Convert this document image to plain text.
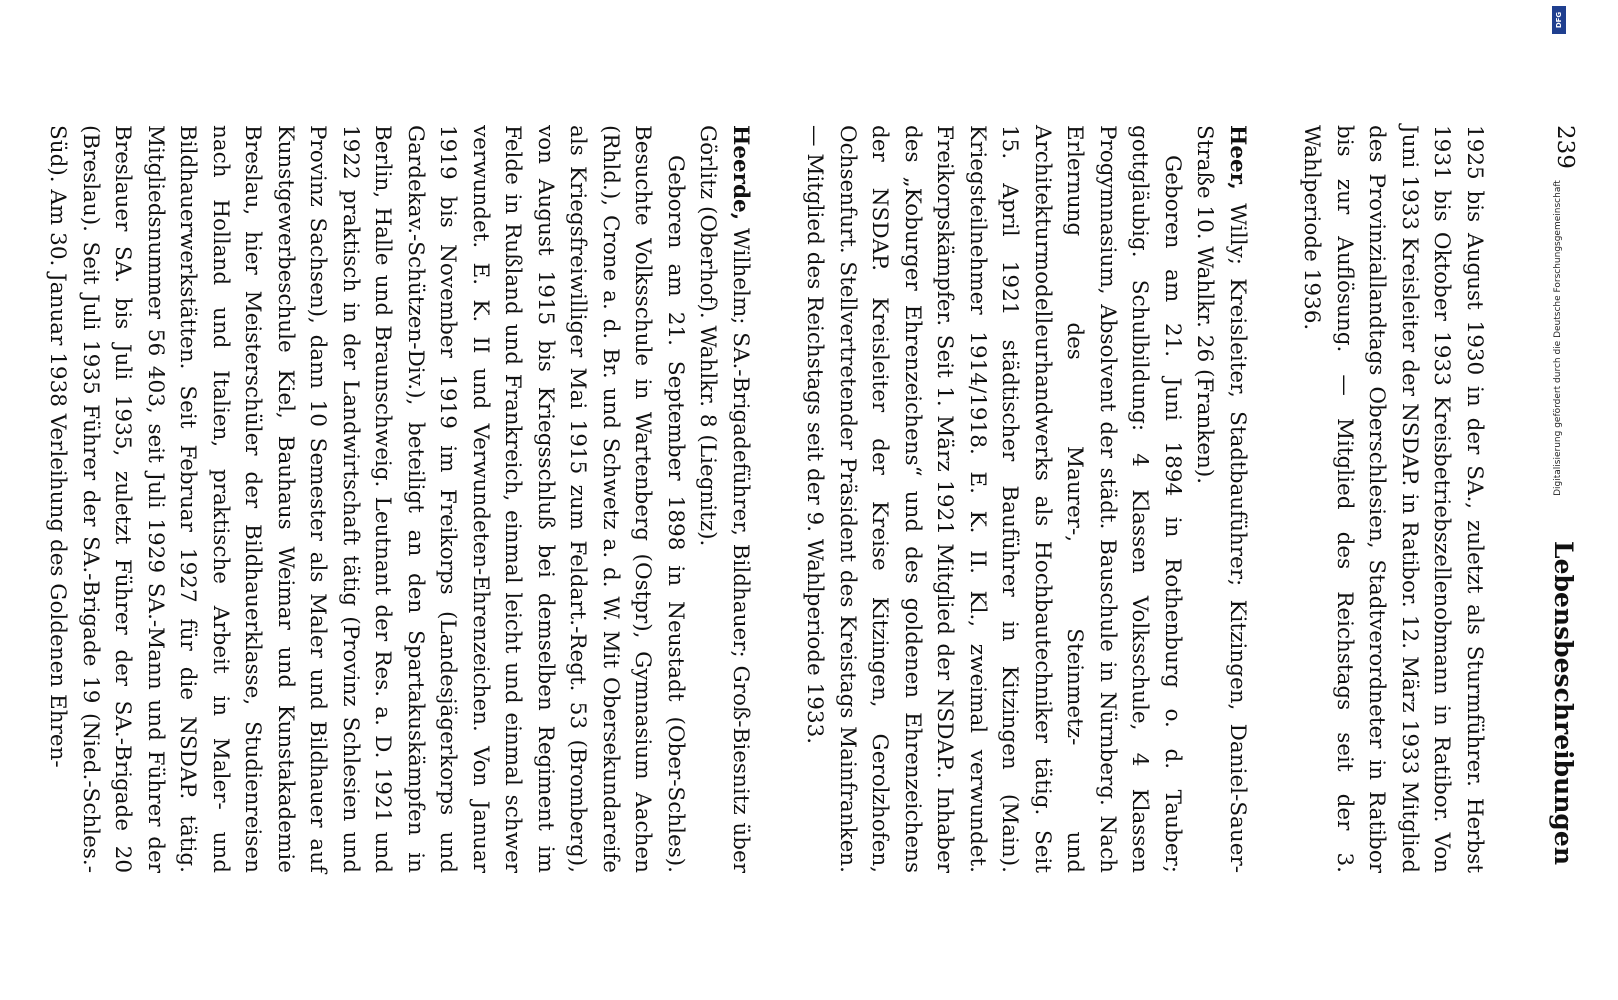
239
Lebensbeschreibungen

1925 bis August 1930 in der SA., zuletzt als Sturmführer. Herbst 1931 bis Oktober 1933 Kreisbetriebszellenobmann in Ratibor. Von Juni 1933 Kreisleiter der NSDAP. in Ratibor. 12. März 1933 Mitglied des Provinziallandtags Oberschlesien, Stadtverordneter in Ratibor bis zur Auflösung. — Mitglied des Reichstags seit der 3. Wahlperiode 1936.

Heer, Willy; Kreisleiter, Stadtbauführer; Kitzingen, Daniel-Sauer-Straße 10. Wahlkr. 26 (Franken).

Geboren am 21. Juni 1894 in Rothenburg o. d. Tauber; gottgläubig. Schulbildung: 4 Klassen Volksschule, 4 Klassen Progymnasium, Absolvent der städt. Bauschule in Nürnberg. Nach Erlernung des Maurer-, Steinmetz- und Architekturmodelleurhandwerks als Hochbautechniker tätig. Seit 15. April 1921 städtischer Bauführer in Kitzingen (Main). Kriegsteilnehmer 1914/1918. E. K. II. Kl., zweimal verwundet. Freikorpskämpfer. Seit 1. März 1921 Mitglied der NSDAP.. Inhaber des „Koburger Ehrenzeichens“ und des goldenen Ehrenzeichens der NSDAP. Kreisleiter der Kreise Kitzingen, Gerolzhofen, Ochsenfurt. Stellvertretender Präsident des Kreistags Mainfranken. — Mitglied des Reichstags seit der 9. Wahlperiode 1933.

Heerde, Wilhelm; SA.-Brigadeführer, Bildhauer; Groß-Biesnitz über Görlitz (Oberhof). Wahlkr. 8 (Liegnitz).

Geboren am 21. September 1898 in Neustadt (Ober-Schles). Besuchte Volksschule in Wartenberg (Ostpr), Gymnasium Aachen (Rhld.), Crone a. d. Br. und Schwetz a. d. W. Mit Obersekundareife als Kriegsfreiwilliger Mai 1915 zum Feldart.-Regt. 53 (Bromberg), von August 1915 bis Kriegsschluß bei demselben Regiment im Felde in Rußland und Frankreich, einmal leicht und einmal schwer verwundet. E. K. II und Verwundeten-Ehrenzeichen. Von Januar 1919 bis November 1919 im Freikorps (Landesjägerkorps und Gardekav.-Schützen-Div.), beteiligt an den Spartakuskämpfen in Berlin, Halle und Braunschweig. Leutnant der Res. a. D. 1921 und 1922 praktisch in der Landwirtschaft tätig (Provinz Schlesien und Provinz Sachsen), dann 10 Semester als Maler und Bildhauer auf Kunstgewerbeschule Kiel, Bauhaus Weimar und Kunstakademie Breslau, hier Meisterschüler der Bildhauerklasse, Studienreisen nach Holland und Italien, praktische Arbeit in Maler- und Bildhauerwerkstätten. Seit Februar 1927 für die NSDAP. tätig. Mitgliedsnummer 56 403, seit Juli 1929 SA.-Mann und Führer der Breslauer SA. bis Juli 1935, zuletzt Führer der SA.-Brigade 20 (Breslau). Seit Juli 1935 Führer der SA.-Brigade 19 (Nied.-Schles.-Süd). Am 30. Januar 1938 Verleihung des Goldenen Ehren-

DFG
Digitalisierung gefördert durch die Deutsche Forschungsgemeinschaft
